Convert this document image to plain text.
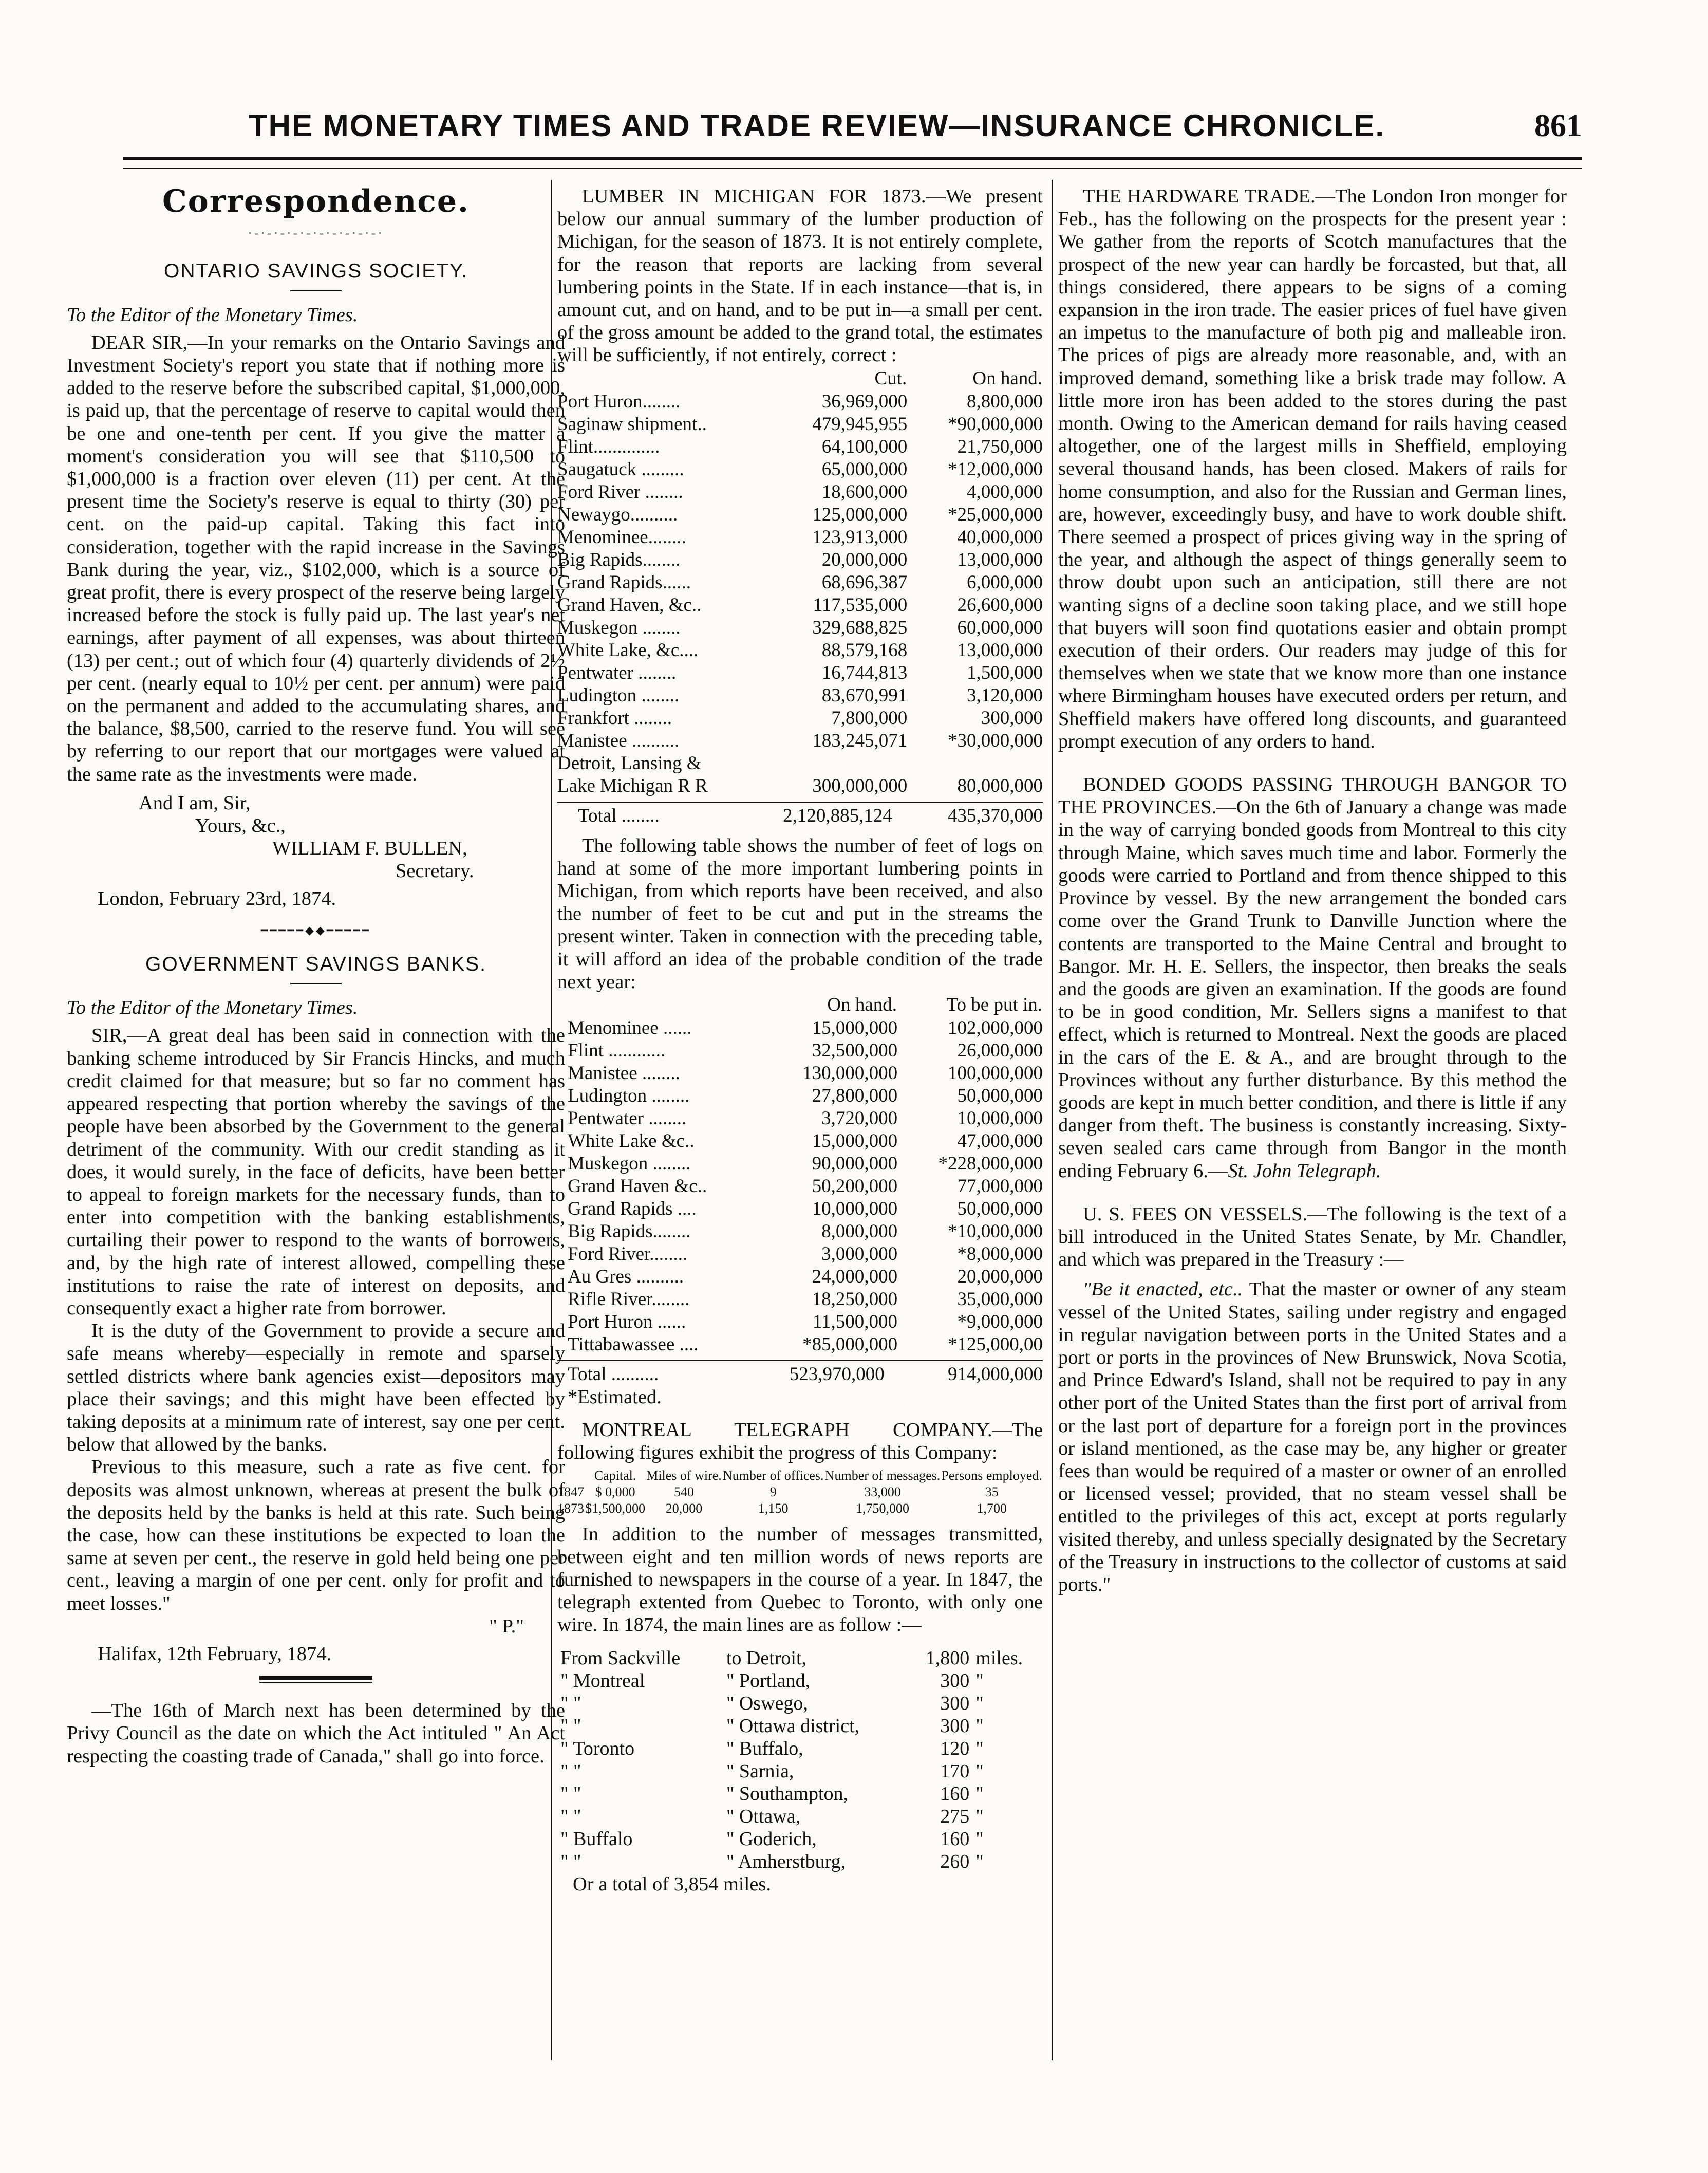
THE MONETARY TIMES AND TRADE REVIEW—INSURANCE CHRONICLE.	861
Correspondence.
·‐·‐·‐·‐·‐·‐·‐·‐·‐·‐·
ONTARIO SAVINGS SOCIETY.
To the Editor of the Monetary Times.

DEAR SIR,—In your remarks on the Ontario Savings and Investment Society's report you state that if nothing more is added to the reserve before the subscribed capital, $1,000,000, is paid up, that the percentage of reserve to capital would then be one and one-tenth per cent. If you give the matter a moment's consideration you will see that $110,500 to $1,000,000 is a fraction over eleven (11) per cent. At the present time the Society's reserve is equal to thirty (30) per cent. on the paid-up capital. Taking this fact into consideration, together with the rapid increase in the Savings Bank during the year, viz., $102,000, which is a source of great profit, there is every prospect of the reserve being largely increased before the stock is fully paid up. The last year's net earnings, after payment of all expenses, was about thirteen (13) per cent.; out of which four (4) quarterly dividends of 2½ per cent. (nearly equal to 10½ per cent. per annum) were paid on the permanent and added to the accumulating shares, and the balance, $8,500, carried to the reserve fund. You will see by referring to our report that our mortgages were valued at the same rate as the investments were made.

And I am, Sir,
Yours, &c.,
WILLIAM F. BULLEN,
Secretary.
London, February 23rd, 1874.
━━━━━◆◆━━━━━
GOVERNMENT SAVINGS BANKS.
To the Editor of the Monetary Times.

SIR,—A great deal has been said in connection with the banking scheme introduced by Sir Francis Hincks, and much credit claimed for that measure; but so far no comment has appeared respecting that portion whereby the savings of the people have been absorbed by the Government to the general detriment of the community. With our credit standing as it does, it would surely, in the face of deficits, have been better to appeal to foreign markets for the necessary funds, than to enter into competition with the banking establishments, curtailing their power to respond to the wants of borrowers, and, by the high rate of interest allowed, compelling these institutions to raise the rate of interest on deposits, and consequently exact a higher rate from borrower.

It is the duty of the Government to provide a secure and safe means whereby—especially in remote and sparsely settled districts where bank agencies exist—depositors may place their savings; and this might have been effected by taking deposits at a minimum rate of interest, say one per cent. below that allowed by the banks.

Previous to this measure, such a rate as five cent. for deposits was almost unknown, whereas at present the bulk of the deposits held by the banks is held at this rate. Such being the case, how can these institutions be expected to loan the same at seven per cent., the reserve in gold held being one per cent., leaving a margin of one per cent. only for profit and to meet losses."

" P."
Halifax, 12th February, 1874.

—The 16th of March next has been determined by the Privy Council as the date on which the Act intituled " An Act respecting the coasting trade of Canada," shall go into force.

LUMBER IN MICHIGAN FOR 1873.—We present below our annual summary of the lumber production of Michigan, for the season of 1873. It is not entirely complete, for the reason that reports are lacking from several lumbering points in the State. If in each instance—that is, in amount cut, and on hand, and to be put in—a small per cent. of the gross amount be added to the grand total, the estimates will be sufficiently, if not entirely, correct :

	Cut.	On hand.
Port Huron........	36,969,000	8,800,000
Saginaw shipment..	479,945,955	*90,000,000
Flint..............	64,100,000	21,750,000
Saugatuck .........	65,000,000	*12,000,000
Ford River ........	18,600,000	4,000,000
Newaygo..........	125,000,000	*25,000,000
Menominee........	123,913,000	40,000,000
Big Rapids........	20,000,000	13,000,000
Grand Rapids......	68,696,387	6,000,000
Grand Haven, &c..	117,535,000	26,600,000
Muskegon ........	329,688,825	60,000,000
White Lake, &c....	88,579,168	13,000,000
Pentwater ........	16,744,813	1,500,000
Ludington ........	83,670,991	3,120,000
Frankfort ........	7,800,000	300,000
Manistee ..........	183,245,071	*30,000,000
Detroit, Lansing &		
Lake Michigan R R	300,000,000	80,000,000
Total ........	2,120,885,124	435,370,000

The following table shows the number of feet of logs on hand at some of the more important lumbering points in Michigan, from which reports have been received, and also the number of feet to be cut and put in the streams the present winter. Taken in connection with the preceding table, it will afford an idea of the probable condition of the trade next year:

	On hand.	To be put in.
Menominee ......	15,000,000	102,000,000
Flint ............	32,500,000	26,000,000
Manistee ........	130,000,000	100,000,000
Ludington ........	27,800,000	50,000,000
Pentwater ........	3,720,000	10,000,000
White Lake &c..	15,000,000	47,000,000
Muskegon ........	90,000,000	*228,000,000
Grand Haven &c..	50,200,000	77,000,000
Grand Rapids ....	10,000,000	50,000,000
Big Rapids........	8,000,000	*10,000,000
Ford River........	3,000,000	*8,000,000
Au Gres ..........	24,000,000	20,000,000
Rifle River........	18,250,000	35,000,000
Port Huron ......	11,500,000	*9,000,000
Tittabawassee ....	*85,000,000	*125,000,00
Total ..........	523,970,000	914,000,000
*Estimated.

MONTREAL TELEGRAPH COMPANY.—The following figures exhibit the progress of this Company:

	Capital.	Miles of wire.	Number of offices.	Number of messages.	Persons employed.
1847	$ 0,000	540	9	33,000	35
1873	$1,500,000	20,000	1,150	1,750,000	1,700

In addition to the number of messages transmitted, between eight and ten million words of news reports are furnished to newspapers in the course of a year. In 1847, the telegraph extented from Quebec to Toronto, with only one wire. In 1874, the main lines are as follow :—

From Sackville	to Detroit,	1,800	miles.
" Montreal	" Portland,	300	"
" "	" Oswego,	300	"
" "	" Ottawa district,	300	"
" Toronto	" Buffalo,	120	"
" "	" Sarnia,	170	"
" "	" Southampton,	160	"
" "	" Ottawa,	275	"
" Buffalo	" Goderich,	160	"
" "	" Amherstburg,	260	"
Or a total of 3,854 miles.

THE HARDWARE TRADE.—The London Iron monger for Feb., has the following on the prospects for the present year : We gather from the reports of Scotch manufactures that the prospect of the new year can hardly be forcasted, but that, all things considered, there appears to be signs of a coming expansion in the iron trade. The easier prices of fuel have given an impetus to the manufacture of both pig and malleable iron. The prices of pigs are already more reasonable, and, with an improved demand, something like a brisk trade may follow. A little more iron has been added to the stores during the past month. Owing to the American demand for rails having ceased altogether, one of the largest mills in Sheffield, employing several thousand hands, has been closed. Makers of rails for home consumption, and also for the Russian and German lines, are, however, exceedingly busy, and have to work double shift. There seemed a prospect of prices giving way in the spring of the year, and although the aspect of things generally seem to throw doubt upon such an anticipation, still there are not wanting signs of a decline soon taking place, and we still hope that buyers will soon find quotations easier and obtain prompt execution of their orders. Our readers may judge of this for themselves when we state that we know more than one instance where Birmingham houses have executed orders per return, and Sheffield makers have offered long discounts, and guaranteed prompt execution of any orders to hand.

BONDED GOODS PASSING THROUGH BANGOR TO THE PROVINCES.—On the 6th of January a change was made in the way of carrying bonded goods from Montreal to this city through Maine, which saves much time and labor. Formerly the goods were carried to Portland and from thence shipped to this Province by vessel. By the new arrangement the bonded cars come over the Grand Trunk to Danville Junction where the contents are transported to the Maine Central and brought to Bangor. Mr. H. E. Sellers, the inspector, then breaks the seals and the goods are given an examination. If the goods are found to be in good condition, Mr. Sellers signs a manifest to that effect, which is returned to Montreal. Next the goods are placed in the cars of the E. & A., and are brought through to the Provinces without any further disturbance. By this method the goods are kept in much better condition, and there is little if any danger from theft. The business is constantly increasing. Sixty-seven sealed cars came through from Bangor in the month ending February 6.—St. John Telegraph.

U. S. FEES ON VESSELS.—The following is the text of a bill introduced in the United States Senate, by Mr. Chandler, and which was prepared in the Treasury :—

"Be it enacted, etc.. That the master or owner of any steam vessel of the United States, sailing under registry and engaged in regular navigation between ports in the United States and a port or ports in the provinces of New Brunswick, Nova Scotia, and Prince Edward's Island, shall not be required to pay in any other port of the United States than the first port of arrival from or the last port of departure for a foreign port in the provinces or island mentioned, as the case may be, any higher or greater fees than would be required of a master or owner of an enrolled or licensed vessel; provided, that no steam vessel shall be entitled to the privileges of this act, except at ports regularly visited thereby, and unless specially designated by the Secretary of the Treasury in instructions to the collector of customs at said ports."
